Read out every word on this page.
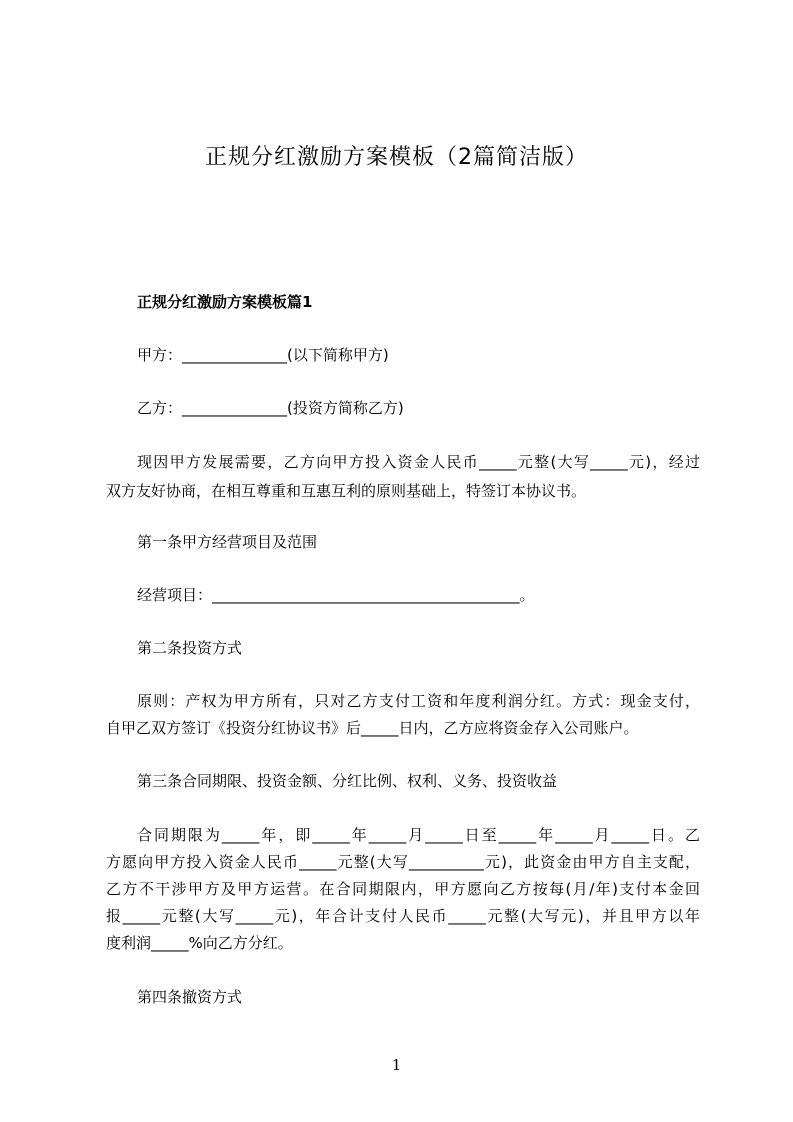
正规分红激励方案模板（2篇简洁版）
正规分红激励方案模板篇1
甲方：______________(以下简称甲方)
乙方：______________(投资方简称乙方)
现因甲方发展需要，乙方向甲方投入资金人民币_____元整(大写_____元)，经过
双方友好协商，在相互尊重和互惠互利的原则基础上，特签订本协议书。
第一条甲方经营项目及范围
经营项目：_________________________________________。
第二条投资方式
原则：产权为甲方所有，只对乙方支付工资和年度利润分红。方式：现金支付，
自甲乙双方签订《投资分红协议书》后_____日内，乙方应将资金存入公司账户。
第三条合同期限、投资金额、分红比例、权利、义务、投资收益
合同期限为_____年，即_____年_____月_____日至_____年_____月_____日。乙
方愿向甲方投入资金人民币_____元整(大写__________元)，此资金由甲方自主支配，
乙方不干涉甲方及甲方运营。在合同期限内，甲方愿向乙方按每(月/年)支付本金回
报_____元整(大写_____元)，年合计支付人民币_____元整(大写元)，并且甲方以年
度利润_____%向乙方分红。
第四条撤资方式
1
